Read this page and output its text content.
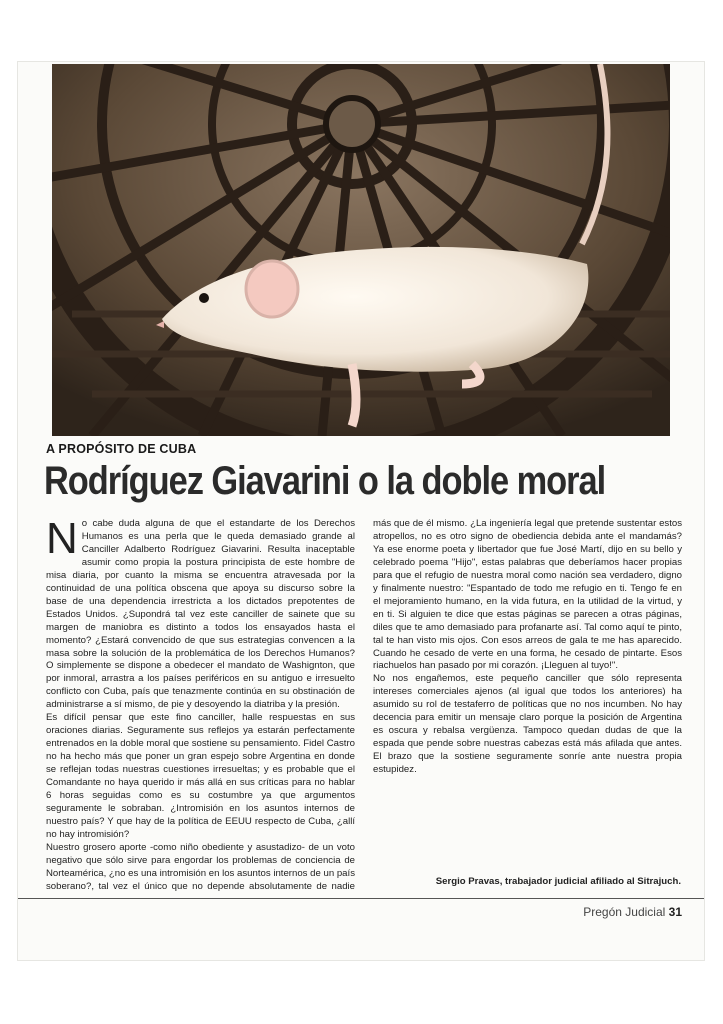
A PROPÓSITO DE CUBA
Rodríguez Giavarini o la doble moral

No cabe duda alguna de que el estandarte de los Derechos Humanos es una perla que le queda demasiado grande al Canciller Adalberto Rodríguez Giavarini. Resulta inaceptable asumir como propia la postura principista de este hombre de misa diaria, por cuanto la misma se encuentra atravesada por la continuidad de una política obscena que apoya su discurso sobre la base de una dependencia irrestricta a los dictados prepotentes de Estados Unidos. ¿Supondrá tal vez este canciller de sainete que su margen de maniobra es distinto a todos los ensayados hasta el momento? ¿Estará convencido de que sus estrategias convencen a la masa sobre la solución de la problemática de los Derechos Humanos? O simplemente se dispone a obedecer el mandato de Washignton, que por inmoral, arrastra a los países periféricos en su antiguo e irresuelto conflicto con Cuba, país que tenazmente continúa en su obstinación de administrarse a sí mismo, de pie y desoyendo la diatriba y la presión.

Es difícil pensar que este fino canciller, halle respuestas en sus oraciones diarias. Seguramente sus reflejos ya estarán perfectamente entrenados en la doble moral que sostiene su pensamiento. Fidel Castro no ha hecho más que poner un gran espejo sobre Argentina en donde se reflejan todas nuestras cuestiones irresueltas; y es probable que el Comandante no haya querido ir más allá en sus críticas para no hablar 6 horas seguidas como es su costumbre ya que argumentos seguramente le sobraban. ¿Intromisión en los asuntos internos de nuestro país? Y que hay de la política de EEUU respecto de Cuba, ¿allí no hay intromisión?

Nuestro grosero aporte -como niño obediente y asustadizo- de un voto negativo que sólo sirve para engordar los problemas de conciencia de Norteamérica, ¿no es una intromisión en los asuntos internos de un país soberano?, tal vez el único que no depende absolutamente de nadie más que de él mismo. ¿La ingeniería legal que pretende sustentar estos atropellos, no es otro signo de obediencia debida ante el mandamás? Ya ese enorme poeta y libertador que fue José Martí, dijo en su bello y celebrado poema "Hijo", estas palabras que deberíamos hacer propias para que el refugio de nuestra moral como nación sea verdadero, digno y finalmente nuestro: "Espantado de todo me refugio en ti. Tengo fe en el mejoramiento humano, en la vida futura, en la utilidad de la virtud, y en ti. Si alguien te dice que estas páginas se parecen a otras páginas, diles que te amo demasiado para profanarte así. Tal como aquí te pinto, tal te han visto mis ojos. Con esos arreos de gala te me has aparecido. Cuando he cesado de verte en una forma, he cesado de pintarte. Esos riachuelos han pasado por mi corazón. ¡Lleguen al tuyo!".

No nos engañemos, este pequeño canciller que sólo representa intereses comerciales ajenos (al igual que todos los anteriores) ha asumido su rol de testaferro de políticas que no nos incumben. No hay decencia para emitir un mensaje claro porque la posición de Argentina es oscura y rebalsa vergüenza. Tampoco quedan dudas de que la espada que pende sobre nuestras cabezas está más afilada que antes. El brazo que la sostiene seguramente sonríe ante nuestra propia estupidez.

Sergio Pravas, trabajador judicial afiliado al Sitrajuch.
Pregón Judicial 31
